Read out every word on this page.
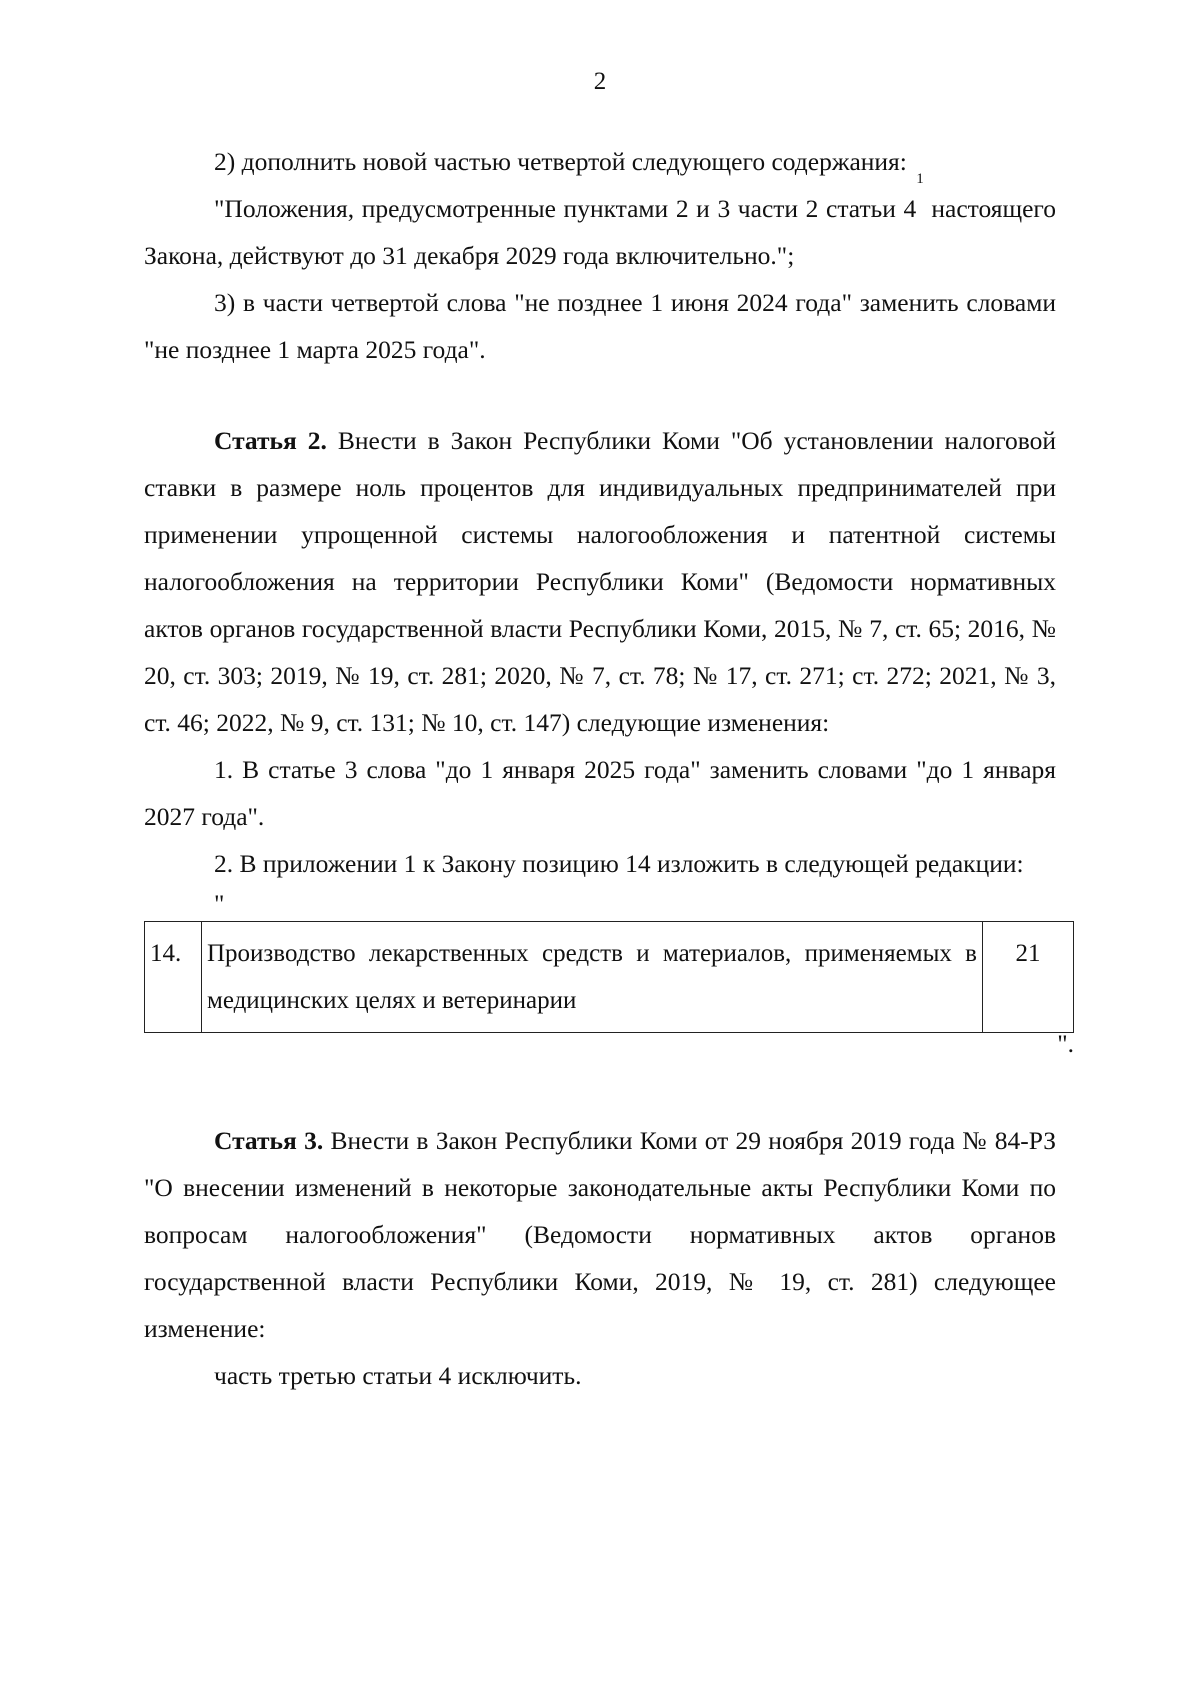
2

2) дополнить новой частью четвертой следующего содержания:

"Положения, предусмотренные пунктами 2 и 3 части 2 статьи $4^1$ настоящего Закона, действуют до 31 декабря 2029 года включительно.";

3) в части четвертой слова "не позднее 1 июня 2024 года" заменить словами "не позднее 1 марта 2025 года".

Статья 2. Внести в Закон Республики Коми "Об установлении налоговой ставки в размере ноль процентов для индивидуальных предпринимателей при применении упрощенной системы налогообложения и патентной системы налогообложения на территории Республики Коми" (Ведомости нормативных актов органов государственной власти Республики Коми, 2015, № 7, ст. 65; 2016, № 20, ст. 303; 2019, № 19, ст. 281; 2020, № 7, ст. 78; № 17, ст. 271; ст. 272; 2021, № 3, ст. 46; 2022, № 9, ст. 131; № 10, ст. 147) следующие изменения:

1. В статье 3 слова "до 1 января 2025 года" заменить словами "до 1 января 2027 года".

2. В приложении 1 к Закону позицию 14 изложить в следующей редакции:

"
14.	Производство лекарственных средств и материалов, применяемых в медицинских целях и ветеринарии	21
".

Статья 3. Внести в Закон Республики Коми от 29 ноября 2019 года № 84-РЗ "О внесении изменений в некоторые законодательные акты Республики Коми по вопросам налогообложения" (Ведомости нормативных актов органов государственной власти Республики Коми, 2019, № 19, ст. 281) следующее изменение:

часть третью статьи 4 исключить.
